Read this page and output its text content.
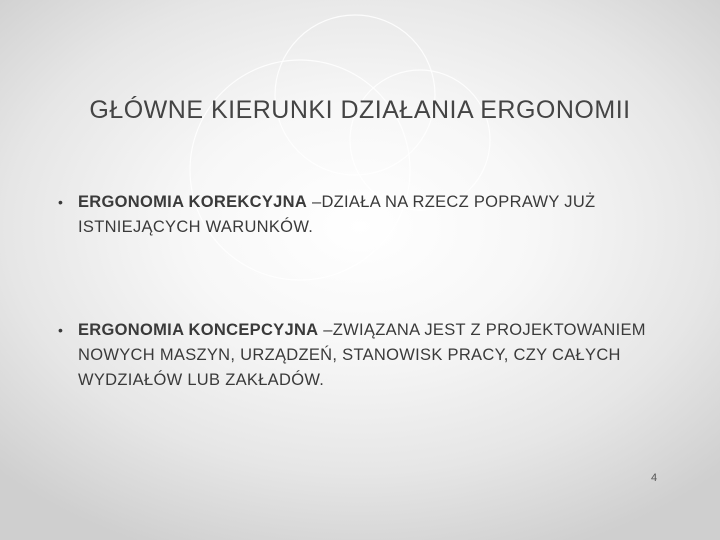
GŁÓWNE KIERUNKI DZIAŁANIA ERGONOMII
• ERGONOMIA KOREKCYJNA –DZIAŁA NA RZECZ POPRAWY JUŻ ISTNIEJĄCYCH WARUNKÓW.
• ERGONOMIA KONCEPCYJNA –ZWIĄZANA JEST Z PROJEKTOWANIEM NOWYCH MASZYN, URZĄDZEŃ, STANOWISK PRACY, CZY CAŁYCH WYDZIAŁÓW LUB ZAKŁADÓW.
4
